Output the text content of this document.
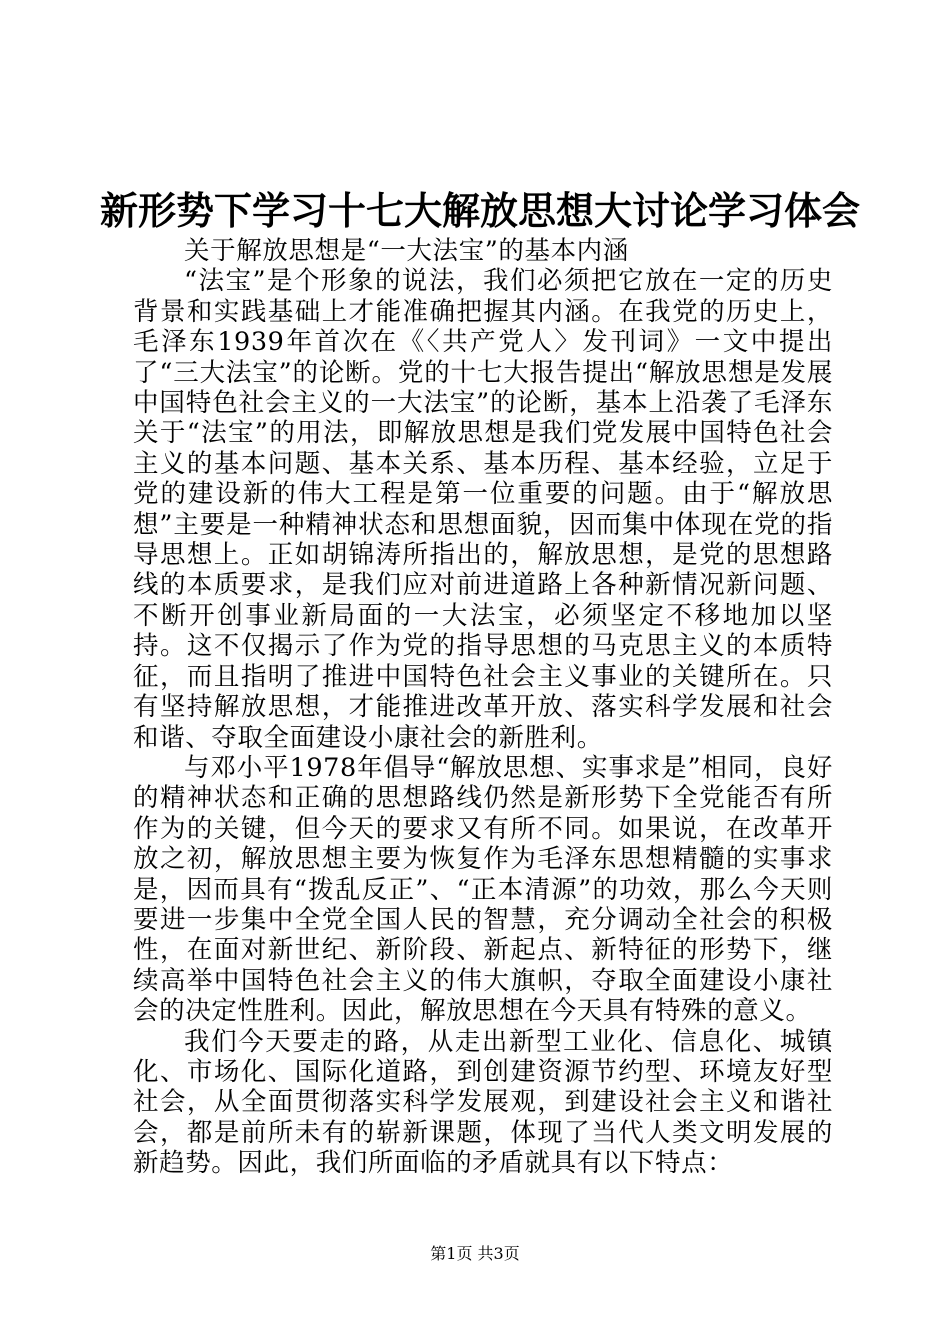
新形势下学习十七大解放思想大讨论学习体会

关于解放思想是“一大法宝”的基本内涵

“法宝”是个形象的说法，我们必须把它放在一定的历史背景和实践基础上才能准确把握其内涵。在我党的历史上，毛泽东1939年首次在《〈共产党人〉发刊词》一文中提出了“三大法宝”的论断。党的十七大报告提出“解放思想是发展中国特色社会主义的一大法宝”的论断，基本上沿袭了毛泽东关于“法宝”的用法，即解放思想是我们党发展中国特色社会主义的基本问题、基本关系、基本历程、基本经验，立足于党的建设新的伟大工程是第一位重要的问题。由于“解放思想”主要是一种精神状态和思想面貌，因而集中体现在党的指导思想上。正如胡锦涛所指出的，解放思想，是党的思想路线的本质要求，是我们应对前进道路上各种新情况新问题、不断开创事业新局面的一大法宝，必须坚定不移地加以坚持。这不仅揭示了作为党的指导思想的马克思主义的本质特征，而且指明了推进中国特色社会主义事业的关键所在。只有坚持解放思想，才能推进改革开放、落实科学发展和社会和谐、夺取全面建设小康社会的新胜利。

与邓小平1978年倡导“解放思想、实事求是”相同，良好的精神状态和正确的思想路线仍然是新形势下全党能否有所作为的关键，但今天的要求又有所不同。如果说，在改革开放之初，解放思想主要为恢复作为毛泽东思想精髓的实事求是，因而具有“拨乱反正”、“正本清源”的功效，那么今天则要进一步集中全党全国人民的智慧，充分调动全社会的积极性，在面对新世纪、新阶段、新起点、新特征的形势下，继续高举中国特色社会主义的伟大旗帜，夺取全面建设小康社会的决定性胜利。因此，解放思想在今天具有特殊的意义。

我们今天要走的路，从走出新型工业化、信息化、城镇化、市场化、国际化道路，到创建资源节约型、环境友好型社会，从全面贯彻落实科学发展观，到建设社会主义和谐社会，都是前所未有的崭新课题，体现了当代人类文明发展的新趋势。因此，我们所面临的矛盾就具有以下特点：

第1页 共3页
